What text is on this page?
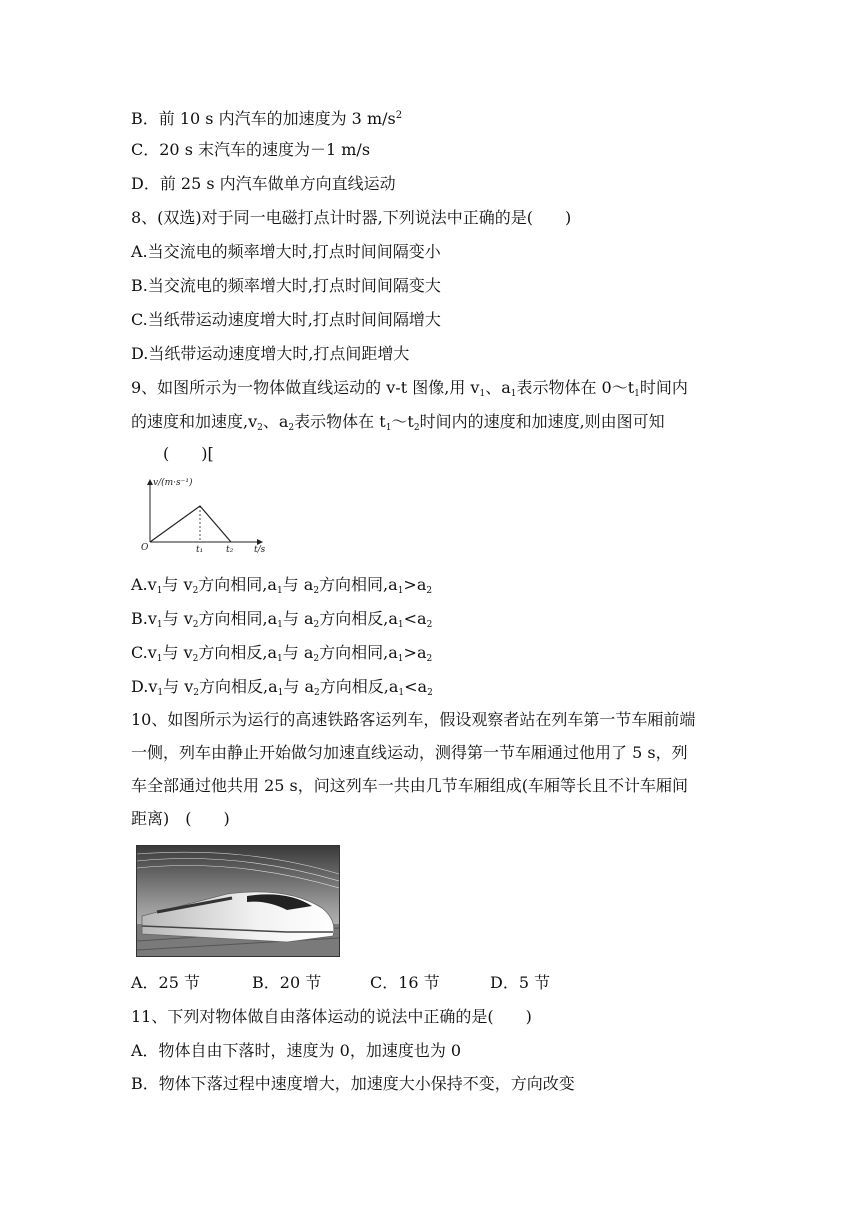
B．前 10 s 内汽车的加速度为 3 $m/s^2$
C．20 s 末汽车的速度为－1 m/s
D．前 25 s 内汽车做单方向直线运动
8、(双选)对于同一电磁打点计时器,下列说法中正确的是(　　)
A.当交流电的频率增大时,打点时间间隔变小
B.当交流电的频率增大时,打点时间间隔变大
C.当纸带运动速度增大时,打点时间间隔增大
D.当纸带运动速度增大时,打点间距增大
9、如图所示为一物体做直线运动的 v-t 图像,用 $v_1$、$a_1$表示物体在 $0\sim t_1$时间内
的速度和加速度$,v_2$、$a_2$表示物体在 $t_1\sim t_2$时间内的速度和加速度,则由图可知
(　　)[
v/(m·s⁻¹)
O	t₁	t₂ t/s
$A.v_1$与 $v_2$方向相同$,a_1$与 $a_2$方向相同$,a_1>a_2$
$B.v_1$与 $v_2$方向相同$,a_1$与 $a_2$方向相反$,a_1<a_2$
$C.v_1$与 $v_2$方向相反$,a_1$与 $a_2$方向相同$,a_1>a_2$
$D.v_1$与 $v_2$方向相反$,a_1$与 $a_2$方向相反$,a_1<a_2$
10、如图所示为运行的高速铁路客运列车，假设观察者站在列车第一节车厢前端
一侧，列车由静止开始做匀加速直线运动，测得第一节车厢通过他用了 5 s，列
车全部通过他共用 25 s，问这列车一共由几节车厢组成(车厢等长且不计车厢间
距离)　(　　)
A．25 节	B．20 节	C．16 节	D．5 节
11、下列对物体做自由落体运动的说法中正确的是(　　)
A．物体自由下落时，速度为 0，加速度也为 0
B．物体下落过程中速度增大，加速度大小保持不变，方向改变
